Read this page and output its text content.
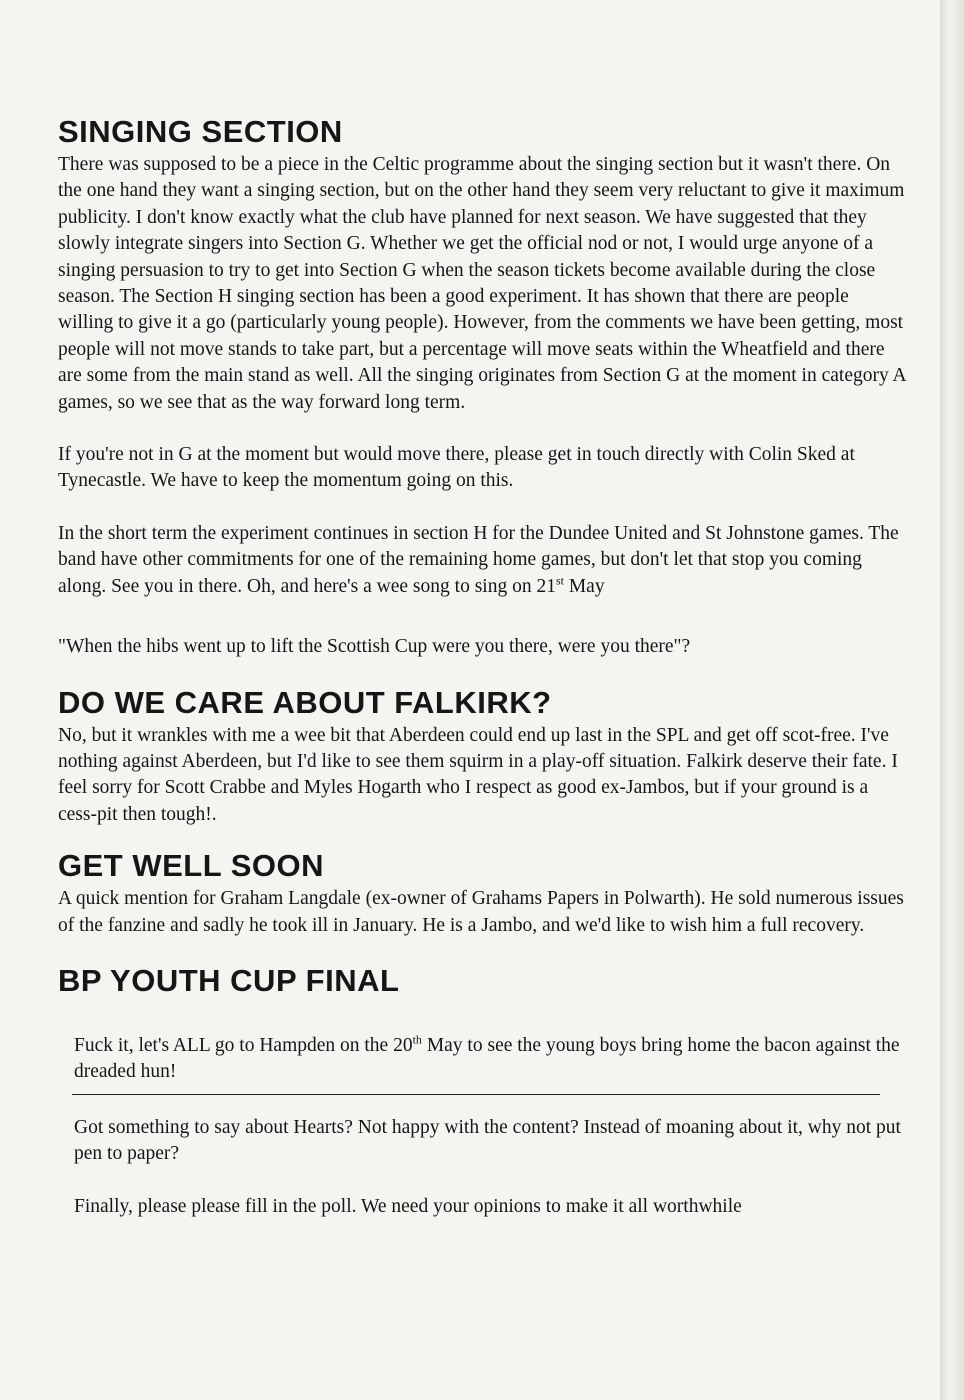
SINGING SECTION

There was supposed to be a piece in the Celtic programme about the singing section but it wasn't there. On the one hand they want a singing section, but on the other hand they seem very reluctant to give it maximum publicity. I don't know exactly what the club have planned for next season. We have suggested that they slowly integrate singers into Section G. Whether we get the official nod or not, I would urge anyone of a singing persuasion to try to get into Section G when the season tickets become available during the close season. The Section H singing section has been a good experiment. It has shown that there are people willing to give it a go (particularly young people). However, from the comments we have been getting, most people will not move stands to take part, but a percentage will move seats within the Wheatfield and there are some from the main stand as well. All the singing originates from Section G at the moment in category A games, so we see that as the way forward long term.

If you're not in G at the moment but would move there, please get in touch directly with Colin Sked at Tynecastle. We have to keep the momentum going on this.

In the short term the experiment continues in section H for the Dundee United and St Johnstone games. The band have other commitments for one of the remaining home games, but don't let that stop you coming along. See you in there. Oh, and here's a wee song to sing on 21st May

"When the hibs went up to lift the Scottish Cup were you there, were you there"?

DO WE CARE ABOUT FALKIRK?

No, but it wrankles with me a wee bit that Aberdeen could end up last in the SPL and get off scot-free. I've nothing against Aberdeen, but I'd like to see them squirm in a play-off situation. Falkirk deserve their fate. I feel sorry for Scott Crabbe and Myles Hogarth who I respect as good ex-Jambos, but if your ground is a cess-pit then tough!.

GET WELL SOON

A quick mention for Graham Langdale (ex-owner of Grahams Papers in Polwarth). He sold numerous issues of the fanzine and sadly he took ill in January. He is a Jambo, and we'd like to wish him a full recovery.

BP YOUTH CUP FINAL

Fuck it, let's ALL go to Hampden on the 20th May to see the young boys bring home the bacon against the dreaded hun!

Got something to say about Hearts? Not happy with the content? Instead of moaning about it, why not put pen to paper?

Finally, please please fill in the poll. We need your opinions to make it all worthwhile
